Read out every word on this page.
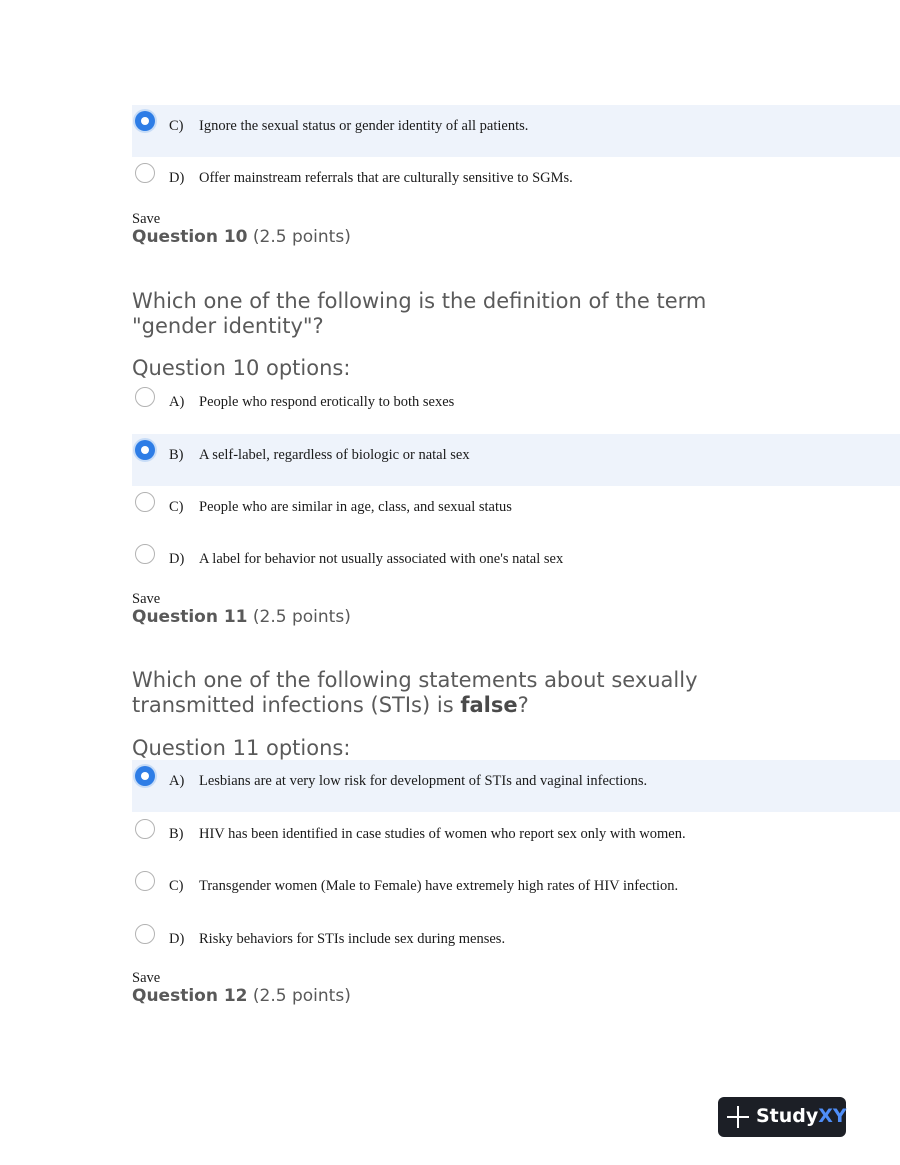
C) Ignore the sexual status or gender identity of all patients.
D) Offer mainstream referrals that are culturally sensitive to SGMs.
Save
Question 10 (2.5 points)
Which one of the following is the definition of the term "gender identity"?
Question 10 options:
A) People who respond erotically to both sexes
B) A self-label, regardless of biologic or natal sex
C) People who are similar in age, class, and sexual status
D) A label for behavior not usually associated with one's natal sex
Save
Question 11 (2.5 points)
Which one of the following statements about sexually transmitted infections (STIs) is false?
Question 11 options:
A) Lesbians are at very low risk for development of STIs and vaginal infections.
B) HIV has been identified in case studies of women who report sex only with women.
C) Transgender women (Male to Female) have extremely high rates of HIV infection.
D) Risky behaviors for STIs include sex during menses.
Save
Question 12 (2.5 points)
StudyXY
